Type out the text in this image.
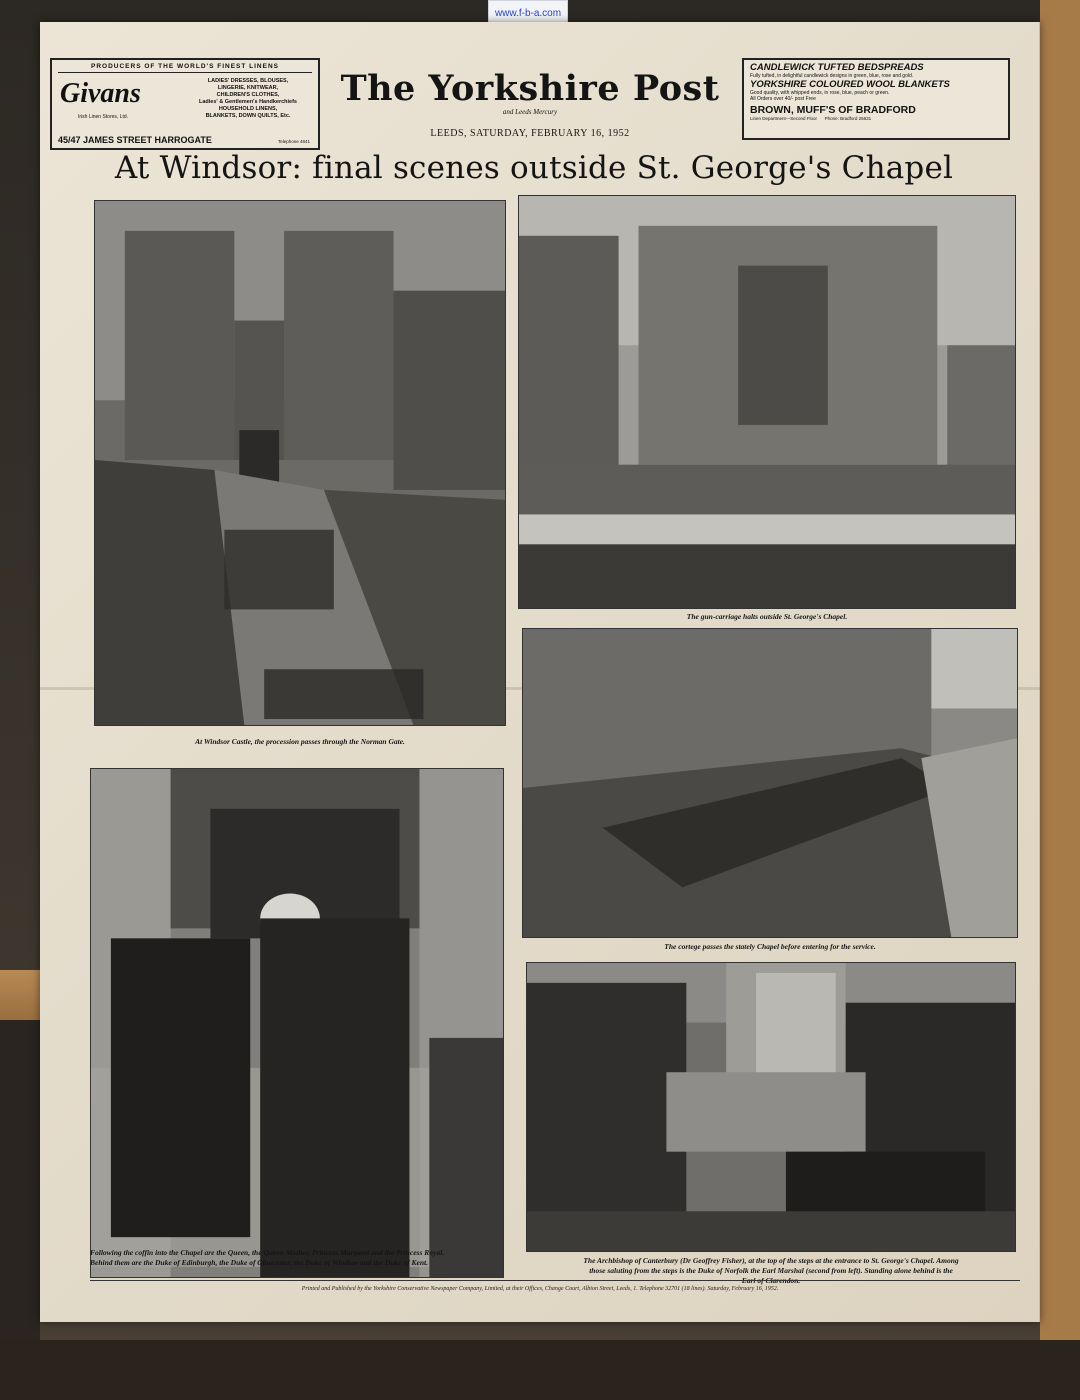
www.f-b-a.com
PRODUCERS OF THE WORLD'S FINEST LINENS
Givans	LADIES' DRESSES, BLOUSES,
LINGERIE, KNITWEAR,
CHILDREN'S CLOTHES,
Ladies' & Gentlemen's Handkerchiefs
HOUSEHOLD LINENS,
BLANKETS, DOWN QUILTS, Etc.
Irish Linen Stores, Ltd.
45/47 JAMES STREET HARROGATE	Telephone 4841
The Yorkshire Post
and Leeds Mercury
LEEDS, SATURDAY, FEBRUARY 16, 1952
CANDLEWICK TUFTED BEDSPREADS
Fully tufted, in delightful candlewick designs in green, blue, rose and gold.
YORKSHIRE COLOURED WOOL BLANKETS
Good quality, with whipped ends, in rose, blue, peach or green.
All Orders over 40/- post Free
BROWN, MUFF'S OF BRADFORD
Linen Department—Second Floor Phone: Bradford 25631
At Windsor: final scenes outside St. George's Chapel
At Windsor Castle, the procession passes through the Norman Gate.
The gun-carriage halts outside St. George's Chapel.
The cortege passes the stately Chapel before entering for the service.
Following the coffin into the Chapel are the Queen, the Queen Mother, Princess Margaret and the Princess Royal.
Behind them are the Duke of Edinburgh, the Duke of Gloucester, the Duke of Windsor and the Duke of Kent.	The Archbishop of Canterbury (Dr Geoffrey Fisher), at the top of the steps at the entrance to St. George's Chapel. Among
those saluting from the steps is the Duke of Norfolk the Earl Marshal (second from left). Standing alone behind is the
Printed and Published by the Yorkshire Conservative Newspaper Company, Limited, at their Offices, Change Court, Albion Street, Leeds, 1. Telephone 32701 (18 lines). Saturday, February 16, 1952.
